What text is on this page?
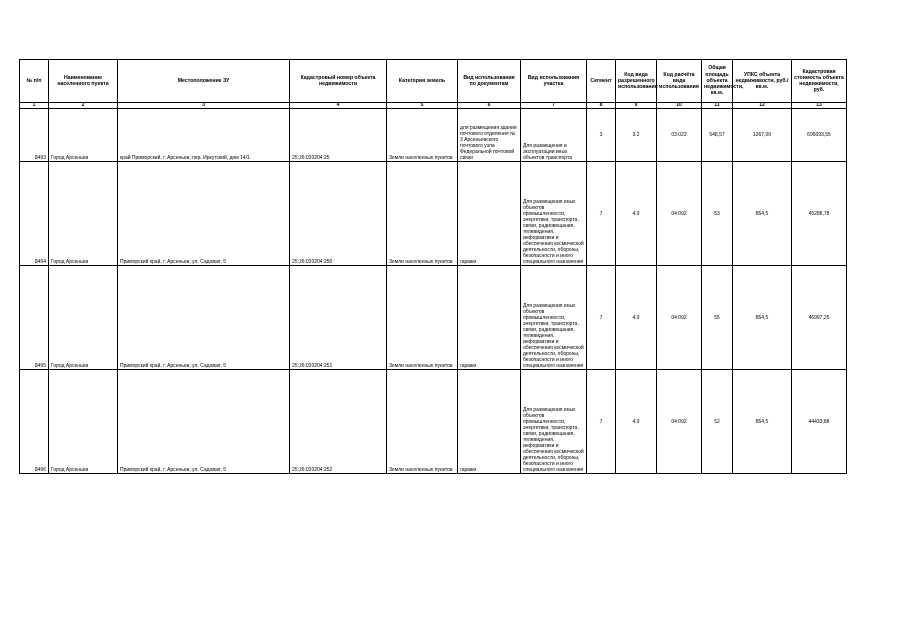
№ п/п	Наименование населенного пункта	Местоположение ЗУ	Кадастровый номер объекта недвижимости	Категория земель	Вид использования по документам	Вид использования участка	Сегмент	Код вида разрешенного использования	Код расчёта вида использования	Общая площадь объекта недвижимости, кв.м.	УПКС объекта недвижимости, руб./кв.м.	Кадастровая стоимость объекта недвижимости, руб.
1	2	3	4	5	6	7	8	9	10	11	12	13
8493	Город Арсеньев	край Приморский, г. Арсеньев, пер. Иркутский, дом 14/1	25:26:020204:25	Земли населенных пунктов	для размещения здания почтового отделения № 3 Арсеньевского почтового узла Федеральной почтовой связи	Для размещения и эксплуатации иных объектов транспорта	3	3.2	03:022	548,57	1267,09	695093,55
8494	Город Арсеньев	Приморский край, г. Арсеньев, ул. Садовая, 5	25:26:020204:250	Земли населенных пунктов	гаражи	Для размещения иных объектов промышленности, энергетики, транспорта, связи, радиовещания, телевидения, информатики и обеспечения космической деятельности, обороны, безопасности и иного специального назначения	7	4.9	04:092	53	854,5	45288,78
8495	Город Арсеньев	Приморский край, г. Арсеньев, ул. Садовая, 5	25:26:020204:251	Земли населенных пунктов	гаражи	Для размещения иных объектов промышленности, энергетики, транспорта, связи, радиовещания, телевидения, информатики и обеспечения космической деятельности, обороны, безопасности и иного специального назначения	7	4.9	04:092	55	854,5	46997,25
8496	Город Арсеньев	Приморский край, г. Арсеньев, ул. Садовая, 5	25:26:020204:252	Земли населенных пунктов	гаражи	Для размещения иных объектов промышленности, энергетики, транспорта, связи, радиовещания, телевидения, информатики и обеспечения космической деятельности, обороны, безопасности и иного специального назначения	7	4.9	04:092	52	854,5	44433,88
